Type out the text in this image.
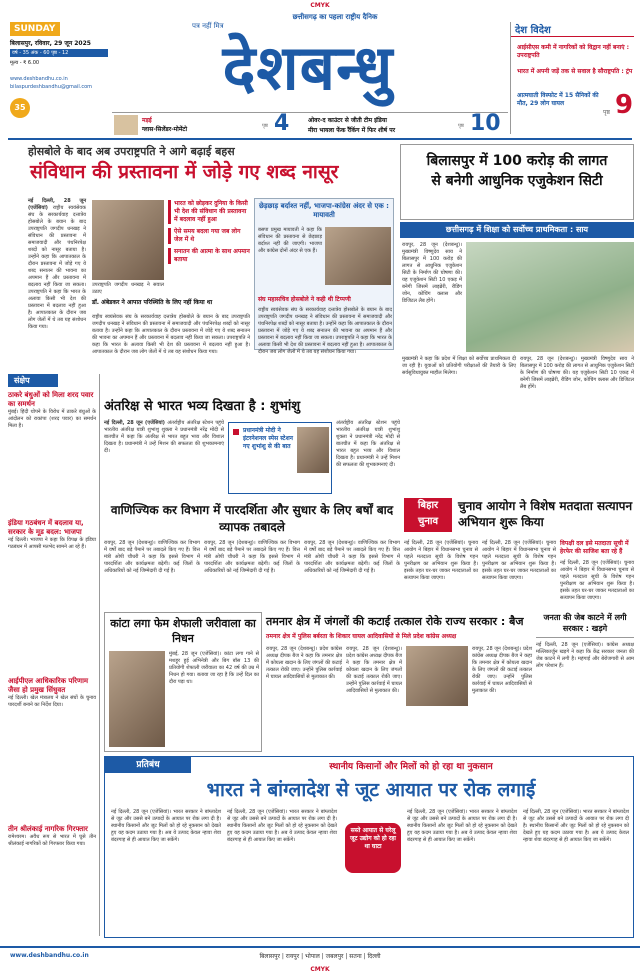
CMYK
छत्तीसगढ़ का पहला राष्ट्रीय दैनिक
SUNDAY
बिलासपुर, रविवार, 29 जून 2025
वर्ष - 35 अंक - 60 पृष्ठ - 12
मूल्य - ₹ 6.00
www.deshbandhu.co.in
bilaspurdeshbandhu@gmail.com
35
पत्र नहीं मित्र
देशबन्धु
देश विदेश
आईसीएस कमी में नागरिकों को विद्वान नहीं बनाएं : उपराष्ट्रपति
भारत में अपनी जड़ें तक से सवाल है सौराष्ट्रपति : ट्रंप
आत्मघाती विस्फोट में 15 सैनिकों की मौत, 29 लोग घायल
पृष्ठ 9
मड़ई
ग्लास-सिलेंडर-मोमेंटो	पृष्ठ 4	ओवर-द काउंटर से जीती टीम इंडिया
मीरा भायला फेंक रैंकिंग में फिर शीर्ष पर
पृष्ठ 10
होसबोले के बाद अब उपराष्ट्रपति ने आगे बढ़ाई बहस
संविधान की प्रस्तावना में जोड़े गए शब्द नासूर
नई दिल्ली, 28 जून (एजेंसियां) राष्ट्रीय स्वयंसेवक संघ के सरकार्यवाह दत्तात्रेय होसबोले के बयान के बाद उपराष्ट्रपति जगदीप धनखड़ ने संविधान की प्रस्तावना में समाजवादी और पंथनिरपेक्ष शब्दों को नासूर बताया है। उन्होंने कहा कि आपातकाल के दौरान प्रस्तावना में जोड़े गए ये शब्द सनातन की भावना का अपमान हैं और प्रस्तावना में बदलाव नहीं किया जा सकता। उपराष्ट्रपति ने कहा कि भारत के अलावा किसी भी देश की प्रस्तावना में बदलाव नहीं हुआ है। आपातकाल के दौरान जब लोग जेलों में थे तब यह संशोधन किया गया।
उपराष्ट्रपति जगदीप धनखड़ ने सवाल उठाए
भारत को छोड़कर दुनिया के किसी भी देश की संविधान की प्रस्तावना में बदलाव नहीं हुआ
ऐसे समय बदला गया जब लोग जेल में थे
सनातन की आत्मा के साथ अपमान बताया
डॉ. अंबेडकर ने आपात परिस्थिति के लिए नहीं किया था
राष्ट्रीय स्वयंसेवक संघ के सरकार्यवाह दत्तात्रेय होसबोले के बयान के बाद उपराष्ट्रपति जगदीप धनखड़ ने संविधान की प्रस्तावना में समाजवादी और पंथनिरपेक्ष शब्दों को नासूर बताया है। उन्होंने कहा कि आपातकाल के दौरान प्रस्तावना में जोड़े गए ये शब्द सनातन की भावना का अपमान हैं और प्रस्तावना में बदलाव नहीं किया जा सकता। उपराष्ट्रपति ने कहा कि भारत के अलावा किसी भी देश की प्रस्तावना में बदलाव नहीं हुआ है। आपातकाल के दौरान जब लोग जेलों में थे तब यह संशोधन किया गया।
छेड़छाड़ बर्दाश्त नहीं, भाजपा-कांग्रेस अंदर से एक : मायावती
बसपा प्रमुख मायावती ने कहा कि संविधान की प्रस्तावना से छेड़छाड़ बर्दाश्त नहीं की जाएगी। भाजपा और कांग्रेस दोनों अंदर से एक हैं।
संघ महासचिव होसबोले ने कही थी टिप्पणी
राष्ट्रीय स्वयंसेवक संघ के सरकार्यवाह दत्तात्रेय होसबोले के बयान के बाद उपराष्ट्रपति जगदीप धनखड़ ने संविधान की प्रस्तावना में समाजवादी और पंथनिरपेक्ष शब्दों को नासूर बताया है। उन्होंने कहा कि आपातकाल के दौरान प्रस्तावना में जोड़े गए ये शब्द सनातन की भावना का अपमान हैं और प्रस्तावना में बदलाव नहीं किया जा सकता। उपराष्ट्रपति ने कहा कि भारत के अलावा किसी भी देश की प्रस्तावना में बदलाव नहीं हुआ है। आपातकाल के दौरान जब लोग जेलों में थे तब यह संशोधन किया गया।
बिलासपुर में 100 करोड़ की लागत
से बनेगी आधुनिक एजुकेशन सिटी
छत्तीसगढ़ में शिक्षा को सर्वोच्च प्राथमिकता : साय
रायपुर, 28 जून (देशबन्धु)। मुख्यमंत्री विष्णुदेव साय ने बिलासपुर में 100 करोड़ की लागत से आधुनिक एजुकेशन सिटी के निर्माण की घोषणा की। यह एजुकेशन सिटी 10 एकड़ में बनेगी जिसमें लाइब्रेरी, रीडिंग जोन, कोचिंग क्लास और डिजिटल लैब होंगे।
मुख्यमंत्री ने कहा कि प्रदेश में शिक्षा को सर्वोच्च प्राथमिकता दी जा रही है। युवाओं को प्रतियोगी परीक्षाओं की तैयारी के लिए सर्वसुविधायुक्त माहौल मिलेगा।
रायपुर, 28 जून (देशबन्धु)। मुख्यमंत्री विष्णुदेव साय ने बिलासपुर में 100 करोड़ की लागत से आधुनिक एजुकेशन सिटी के निर्माण की घोषणा की। यह एजुकेशन सिटी 10 एकड़ में बनेगी जिसमें लाइब्रेरी, रीडिंग जोन, कोचिंग क्लास और डिजिटल लैब होंगे।
संक्षेप
ठाकरे बंधुओं को मिला शरद पवार का समर्थन
मुंबई। हिंदी थोपने के विरोध में ठाकरे बंधुओं के आंदोलन को राकांपा (शरद पवार) का समर्थन मिला है।
इंडिया गठबंधन में बदलाव या, सरकार के मूड बदल: भाजपा
नई दिल्ली। भाजपा ने कहा कि विपक्ष के इंडिया गठबंधन में आपसी मतभेद सामने आ रहे हैं।
आईपीएल आधिकारिक परिणाम जैसा हो प्रमुख सिंधुवत
नई दिल्ली। खेल मंत्रालय ने खेल संघों के चुनाव पारदर्शी बनाने का निर्देश दिया।
तीन श्रीलंकाई नागरिक गिरफ्तार
रामेश्वरम। अवैध रूप से भारत में घुसे तीन श्रीलंकाई नागरिकों को गिरफ्तार किया गया।
अंतरिक्ष से भारत भव्य दिखता है : शुभांशु
नई दिल्ली, 28 जून (एजेंसियां) अंतर्राष्ट्रीय अंतरिक्ष स्टेशन पहुंचे भारतीय अंतरिक्ष यात्री शुभांशु शुक्ला ने प्रधानमंत्री नरेंद्र मोदी से बातचीत में कहा कि अंतरिक्ष से भारत बहुत भव्य और विशाल दिखता है। प्रधानमंत्री ने उन्हें मिशन की सफलता की शुभकामनाएं दीं।
प्रधानमंत्री मोदी ने इंटरनेशनल स्पेस स्टेशन गए शुभांशु से की बात
अंतर्राष्ट्रीय अंतरिक्ष स्टेशन पहुंचे भारतीय अंतरिक्ष यात्री शुभांशु शुक्ला ने प्रधानमंत्री नरेंद्र मोदी से बातचीत में कहा कि अंतरिक्ष से भारत बहुत भव्य और विशाल दिखता है। प्रधानमंत्री ने उन्हें मिशन की सफलता की शुभकामनाएं दीं।
वाणिज्यिक कर विभाग में पारदर्शिता और सुधार के लिए बर्षों बाद व्यापक तबादले
रायपुर, 28 जून (देशबन्धु)। वाणिज्यिक कर विभाग में वर्षों बाद बड़े पैमाने पर तबादले किए गए हैं। वित्त मंत्री ओपी चौधरी ने कहा कि इससे विभाग में पारदर्शिता और कार्यक्षमता बढ़ेगी। कई जिलों के अधिकारियों को नई जिम्मेदारी दी गई है।
रायपुर, 28 जून (देशबन्धु)। वाणिज्यिक कर विभाग में वर्षों बाद बड़े पैमाने पर तबादले किए गए हैं। वित्त मंत्री ओपी चौधरी ने कहा कि इससे विभाग में पारदर्शिता और कार्यक्षमता बढ़ेगी। कई जिलों के अधिकारियों को नई जिम्मेदारी दी गई है।
रायपुर, 28 जून (देशबन्धु)। वाणिज्यिक कर विभाग में वर्षों बाद बड़े पैमाने पर तबादले किए गए हैं। वित्त मंत्री ओपी चौधरी ने कहा कि इससे विभाग में पारदर्शिता और कार्यक्षमता बढ़ेगी। कई जिलों के अधिकारियों को नई जिम्मेदारी दी गई है।
बिहार
चुनाव
चुनाव आयोग ने विशेष मतदाता सत्यापन अभियान शुरू किया
नई दिल्ली, 28 जून (एजेंसियां)। चुनाव आयोग ने बिहार में विधानसभा चुनाव से पहले मतदाता सूची के विशेष गहन पुनरीक्षण का अभियान शुरू किया है। इसके तहत घर-घर जाकर मतदाताओं का सत्यापन किया जाएगा।
नई दिल्ली, 28 जून (एजेंसियां)। चुनाव आयोग ने बिहार में विधानसभा चुनाव से पहले मतदाता सूची के विशेष गहन पुनरीक्षण का अभियान शुरू किया है। इसके तहत घर-घर जाकर मतदाताओं का सत्यापन किया जाएगा।
विपक्षी दल इसे मतदाता सूची में हेरफेर की साजिश बता रहे हैं
नई दिल्ली, 28 जून (एजेंसियां)। चुनाव आयोग ने बिहार में विधानसभा चुनाव से पहले मतदाता सूची के विशेष गहन पुनरीक्षण का अभियान शुरू किया है। इसके तहत घर-घर जाकर मतदाताओं का सत्यापन किया जाएगा।
कांटा लगा फेम शेफाली जरीवाला का निधन
मुंबई, 28 जून (एजेंसियां)। कांटा लगा गाने से मशहूर हुई अभिनेत्री और बिग बॉस 13 की प्रतियोगी शेफाली जरीवाला का 42 वर्ष की उम्र में निधन हो गया। बताया जा रहा है कि उन्हें दिल का दौरा पड़ा था।
तमनार क्षेत्र में जंगलों की कटाई तत्काल रोके राज्य सरकार : बैज
तमनार क्षेत्र में पुलिस बर्बरता के शिकार घायल आदिवासियों से मिले प्रदेश कांग्रेस अध्यक्ष
रायपुर, 28 जून (देशबन्धु)। प्रदेश कांग्रेस अध्यक्ष दीपक बैज ने कहा कि तमनार क्षेत्र में कोयला खदान के लिए जंगलों की कटाई तत्काल रोकी जाए। उन्होंने पुलिस कार्रवाई में घायल आदिवासियों से मुलाकात की।
रायपुर, 28 जून (देशबन्धु)। प्रदेश कांग्रेस अध्यक्ष दीपक बैज ने कहा कि तमनार क्षेत्र में कोयला खदान के लिए जंगलों की कटाई तत्काल रोकी जाए। उन्होंने पुलिस कार्रवाई में घायल आदिवासियों से मुलाकात की।
रायपुर, 28 जून (देशबन्धु)। प्रदेश कांग्रेस अध्यक्ष दीपक बैज ने कहा कि तमनार क्षेत्र में कोयला खदान के लिए जंगलों की कटाई तत्काल रोकी जाए। उन्होंने पुलिस कार्रवाई में घायल आदिवासियों से मुलाकात की।
जनता की जेब काटने में लगी सरकार : खड़गे
नई दिल्ली, 28 जून (एजेंसियां)। कांग्रेस अध्यक्ष मल्लिकार्जुन खड़गे ने कहा कि केंद्र सरकार जनता की जेब काटने में लगी है। महंगाई और बेरोजगारी से आम लोग परेशान हैं।
प्रतिबंध	स्थानीय किसानों और मिलों को हो रहा था नुकसान
भारत ने बांग्लादेश से जूट आयात पर रोक लगाई
नई दिल्ली, 28 जून (एजेंसियां)। भारत सरकार ने बांग्लादेश से जूट और उससे बने उत्पादों के आयात पर रोक लगा दी है। स्थानीय किसानों और जूट मिलों को हो रहे नुकसान को देखते हुए यह कदम उठाया गया है। अब ये उत्पाद केवल न्हावा शेवा बंदरगाह से ही आयात किए जा सकेंगे।
नई दिल्ली, 28 जून (एजेंसियां)। भारत सरकार ने बांग्लादेश से जूट और उससे बने उत्पादों के आयात पर रोक लगा दी है। स्थानीय किसानों और जूट मिलों को हो रहे नुकसान को देखते हुए यह कदम उठाया गया है। अब ये उत्पाद केवल न्हावा शेवा बंदरगाह से ही आयात किए जा सकेंगे।
सस्ते आयात से घरेलू जूट उद्योग को हो रहा था घाटा
नई दिल्ली, 28 जून (एजेंसियां)। भारत सरकार ने बांग्लादेश से जूट और उससे बने उत्पादों के आयात पर रोक लगा दी है। स्थानीय किसानों और जूट मिलों को हो रहे नुकसान को देखते हुए यह कदम उठाया गया है। अब ये उत्पाद केवल न्हावा शेवा बंदरगाह से ही आयात किए जा सकेंगे।
नई दिल्ली, 28 जून (एजेंसियां)। भारत सरकार ने बांग्लादेश से जूट और उससे बने उत्पादों के आयात पर रोक लगा दी है। स्थानीय किसानों और जूट मिलों को हो रहे नुकसान को देखते हुए यह कदम उठाया गया है। अब ये उत्पाद केवल न्हावा शेवा बंदरगाह से ही आयात किए जा सकेंगे।
www.deshbandhu.co.in	बिलासपुर | रायपुर | भोपाल | जबलपुर | सतना | दिल्ली
CMYK
